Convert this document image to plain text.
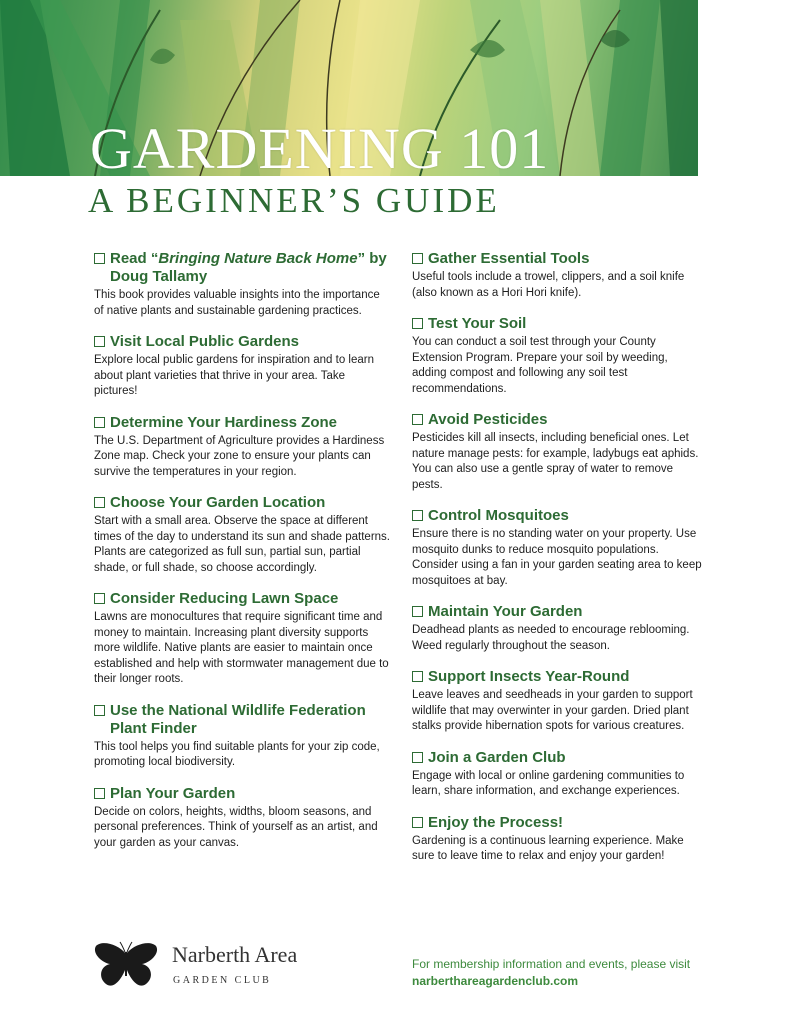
GARDENING 101
A BEGINNER’S GUIDE
Read “Bringing Nature Back Home” by Doug Tallamy

This book provides valuable insights into the importance of native plants and sustainable gardening practices.

Visit Local Public Gardens

Explore local public gardens for inspiration and to learn about plant varieties that thrive in your area. Take pictures!

Determine Your Hardiness Zone

The U.S. Department of Agriculture provides a Hardiness Zone map. Check your zone to ensure your plants can survive the temperatures in your region.

Choose Your Garden Location

Start with a small area. Observe the space at different times of the day to understand its sun and shade patterns. Plants are categorized as full sun, partial sun, partial shade, or full shade, so choose accordingly.

Consider Reducing Lawn Space

Lawns are monocultures that require significant time and money to maintain. Increasing plant diversity supports more wildlife. Native plants are easier to maintain once established and help with stormwater management due to their longer roots.

Use the National Wildlife Federation Plant Finder

This tool helps you find suitable plants for your zip code, promoting local biodiversity.

Plan Your Garden

Decide on colors, heights, widths, bloom seasons, and personal preferences. Think of yourself as an artist, and your garden as your canvas.

Gather Essential Tools

Useful tools include a trowel, clippers, and a soil knife (also known as a Hori Hori knife).

Test Your Soil

You can conduct a soil test through your County Extension Program. Prepare your soil by weeding, adding compost and following any soil test recommendations.

Avoid Pesticides

Pesticides kill all insects, including beneficial ones. Let nature manage pests: for example, ladybugs eat aphids. You can also use a gentle spray of water to remove pests.

Control Mosquitoes

Ensure there is no standing water on your property. Use mosquito dunks to reduce mosquito populations. Consider using a fan in your garden seating area to keep mosquitoes at bay.

Maintain Your Garden

Deadhead plants as needed to encourage reblooming. Weed regularly throughout the season.

Support Insects Year-Round

Leave leaves and seedheads in your garden to support wildlife that may overwinter in your garden. Dried plant stalks provide hibernation spots for various creatures.

Join a Garden Club

Engage with local or online gardening communities to learn, share information, and exchange experiences.

Enjoy the Process!

Gardening is a continuous learning experience. Make sure to leave time to relax and enjoy your garden!

Narberth Area
GARDEN CLUB
For membership information and events, please visit
narberthareagardenclub.com
